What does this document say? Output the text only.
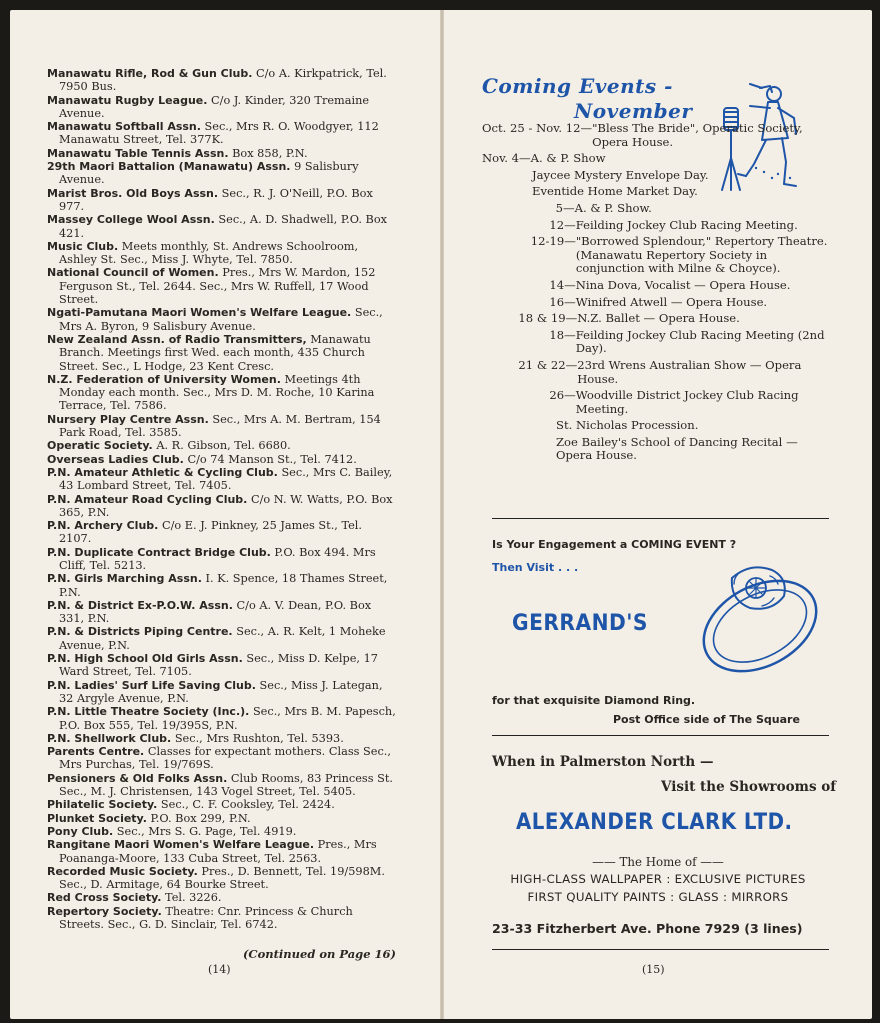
Manawatu Rifle, Rod & Gun Club. C/o A. Kirkpatrick, Tel. 7950 Bus.

Manawatu Rugby League. C/o J. Kinder, 320 Tremaine Avenue.

Manawatu Softball Assn. Sec., Mrs R. O. Woodgyer, 112 Manawatu Street, Tel. 377K.

Manawatu Table Tennis Assn. Box 858, P.N.

29th Maori Battalion (Manawatu) Assn. 9 Salisbury Avenue.

Marist Bros. Old Boys Assn. Sec., R. J. O'Neill, P.O. Box 977.

Massey College Wool Assn. Sec., A. D. Shadwell, P.O. Box 421.

Music Club. Meets monthly, St. Andrews Schoolroom, Ashley St. Sec., Miss J. Whyte, Tel. 7850.

National Council of Women. Pres., Mrs W. Mardon, 152 Ferguson St., Tel. 2644. Sec., Mrs W. Ruffell, 17 Wood Street.

Ngati-Pamutana Maori Women's Welfare League. Sec., Mrs A. Byron, 9 Salisbury Avenue.

New Zealand Assn. of Radio Transmitters, Manawatu Branch. Meetings first Wed. each month, 435 Church Street. Sec., L Hodge, 23 Kent Cresc.

N.Z. Federation of University Women. Meetings 4th Monday each month. Sec., Mrs D. M. Roche, 10 Karina Terrace, Tel. 7586.

Nursery Play Centre Assn. Sec., Mrs A. M. Bertram, 154 Park Road, Tel. 3585.

Operatic Society. A. R. Gibson, Tel. 6680.

Overseas Ladies Club. C/o 74 Manson St., Tel. 7412.

P.N. Amateur Athletic & Cycling Club. Sec., Mrs C. Bailey, 43 Lombard Street, Tel. 7405.

P.N. Amateur Road Cycling Club. C/o N. W. Watts, P.O. Box 365, P.N.

P.N. Archery Club. C/o E. J. Pinkney, 25 James St., Tel. 2107.

P.N. Duplicate Contract Bridge Club. P.O. Box 494. Mrs Cliff, Tel. 5213.

P.N. Girls Marching Assn. I. K. Spence, 18 Thames Street, P.N.

P.N. & District Ex-P.O.W. Assn. C/o A. V. Dean, P.O. Box 331, P.N.

P.N. & Districts Piping Centre. Sec., A. R. Kelt, 1 Moheke Avenue, P.N.

P.N. High School Old Girls Assn. Sec., Miss D. Kelpe, 17 Ward Street, Tel. 7105.

P.N. Ladies' Surf Life Saving Club. Sec., Miss J. Lategan, 32 Argyle Avenue, P.N.

P.N. Little Theatre Society (Inc.). Sec., Mrs B. M. Papesch, P.O. Box 555, Tel. 19/395S, P.N.

P.N. Shellwork Club. Sec., Mrs Rushton, Tel. 5393.

Parents Centre. Classes for expectant mothers. Class Sec., Mrs Purchas, Tel. 19/769S.

Pensioners & Old Folks Assn. Club Rooms, 83 Princess St. Sec., M. J. Christensen, 143 Vogel Street, Tel. 5405.

Philatelic Society. Sec., C. F. Cooksley, Tel. 2424.

Plunket Society. P.O. Box 299, P.N.

Pony Club. Sec., Mrs S. G. Page, Tel. 4919.

Rangitane Maori Women's Welfare League. Pres., Mrs Poananga-Moore, 133 Cuba Street, Tel. 2563.

Recorded Music Society. Pres., D. Bennett, Tel. 19/598M. Sec., D. Armitage, 64 Bourke Street.

Red Cross Society. Tel. 3226.

Repertory Society. Theatre: Cnr. Princess & Church Streets. Sec., G. D. Sinclair, Tel. 6742.

(Continued on Page 16)
(14)
Coming Events -
November
Oct. 25 - Nov. 12— "Bless The Bride", Operatic Society, Opera House.
Nov. 4— A. & P. Show
Jaycee Mystery Envelope Day.
Eventide Home Market Day.
5— A. & P. Show.
12— Feilding Jockey Club Racing Meeting.
12-19— "Borrowed Splendour," Repertory Theatre. (Manawatu Repertory Society in conjunction with Milne & Choyce).
14— Nina Dova, Vocalist — Opera House.
16— Winifred Atwell — Opera House.
18 & 19— N.Z. Ballet — Opera House.
18— Feilding Jockey Club Racing Meeting (2nd Day).
21 & 22— 23rd Wrens Australian Show — Opera House.
26— Woodville District Jockey Club Racing Meeting.
St. Nicholas Procession.
Zoe Bailey's School of Dancing Recital — Opera House.
Is Your Engagement a COMING EVENT ?
Then Visit . . .
GERRAND'S
for that exquisite Diamond Ring.
Post Office side of The Square
When in Palmerston North —
Visit the Showrooms of
ALEXANDER CLARK LTD.
—— The Home of ——
HIGH-CLASS WALLPAPER : EXCLUSIVE PICTURES
FIRST QUALITY PAINTS : GLASS : MIRRORS
23-33 Fitzherbert Ave. Phone 7929 (3 lines)
(15)
